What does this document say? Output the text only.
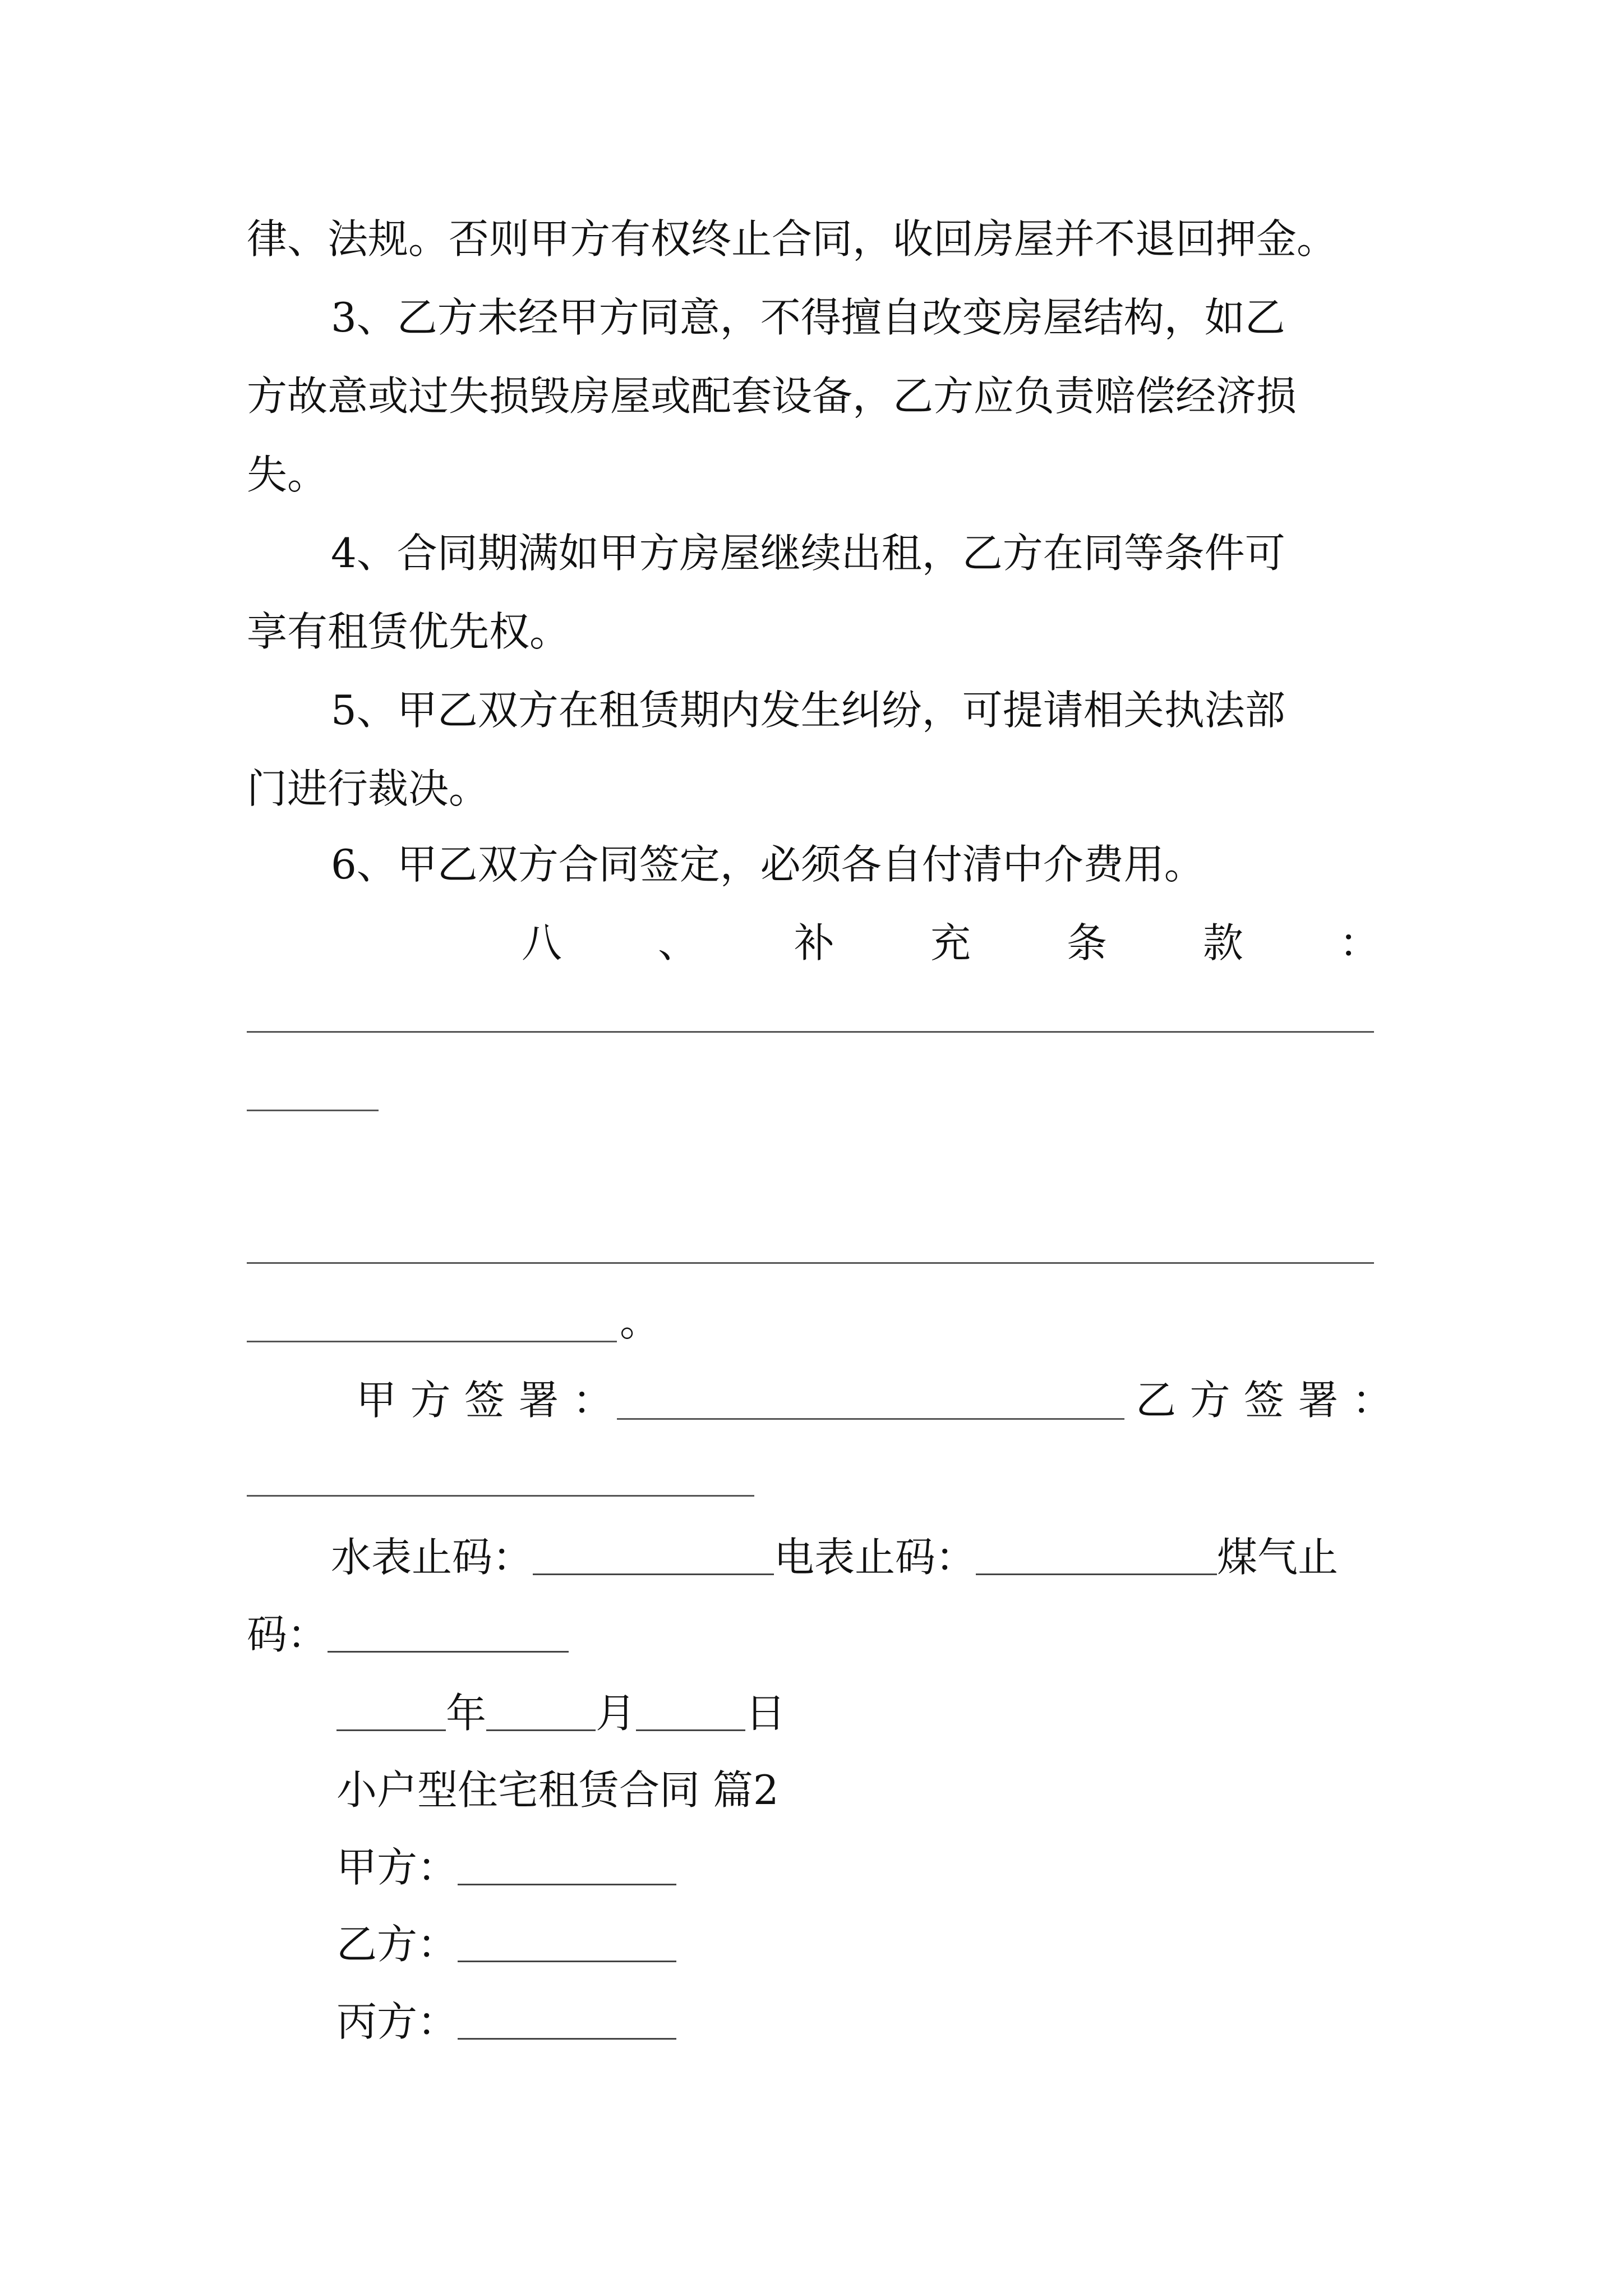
律、法规。否则甲方有权终止合同，收回房屋并不退回押金。

3、乙方未经甲方同意，不得擅自改变房屋结构，如乙

方故意或过失损毁房屋或配套设备，乙方应负责赔偿经济损

失。

4、合同期满如甲方房屋继续出租，乙方在同等条件可

享有租赁优先权。

5、甲乙双方在租赁期内发生纠纷，可提请相关执法部

门进行裁决。

6、甲乙双方合同签定，必须各自付清中介费用。

八 、 补 充 条 款 ：
。
甲方签署：	乙方签署：

水表止码：	电表止码：	煤气止

码：

年	月	日

小户型住宅租赁合同 篇2

甲方：

乙方：

丙方：
